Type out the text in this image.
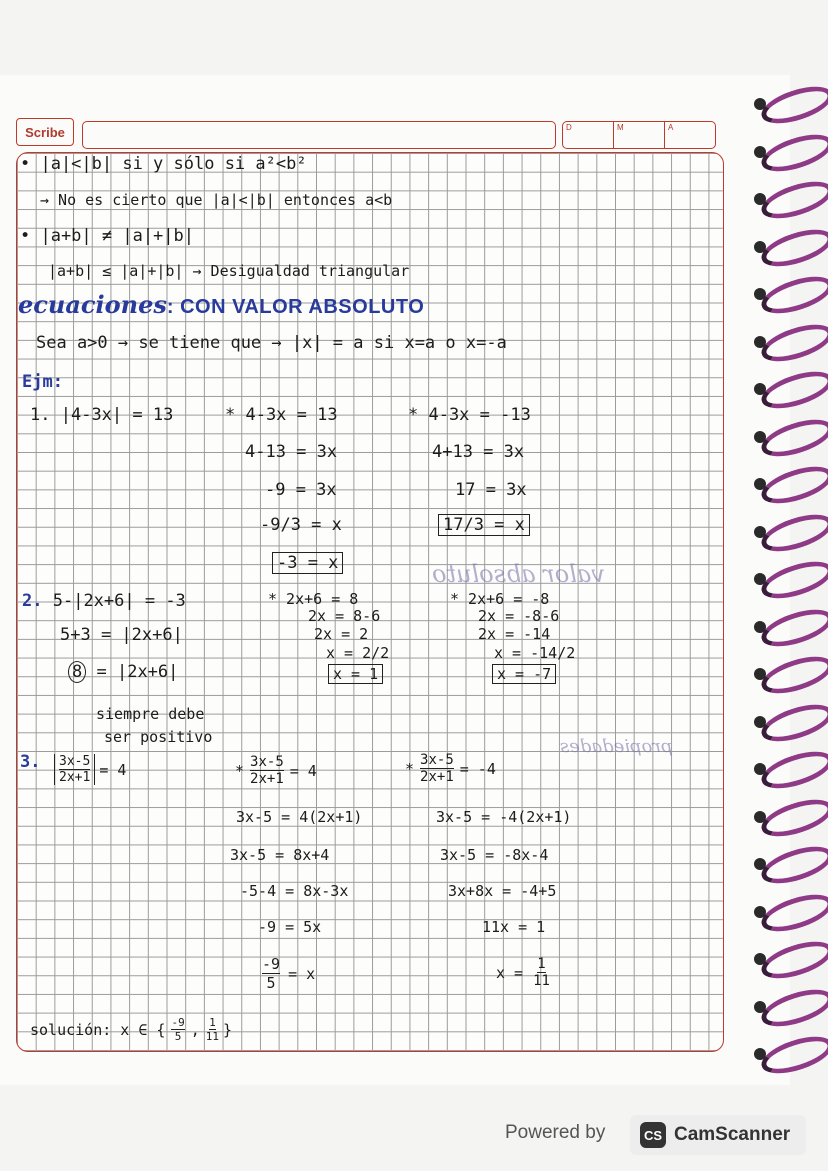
Scribe	D	M	A
• |a|<|b| si y sólo si a²<b²
→ No es cierto que |a|<|b| entonces a<b
• |a+b| ≠ |a|+|b|
|a+b| ≤ |a|+|b| → Desigualdad triangular
ecuaciones: CON VALOR ABSOLUTO
Sea a>0 → se tiene que → |x| = a si x=a o x=-a
Ejm:
1. |4-3x| = 13	* 4-3x = 13
4-13 = 3x
-9 = 3x
-9/3 = x
-3 = x
* 4-3x = -13
4+13 = 3x
17 = 3x
17/3 = x
2. 5-|2x+6| = -3
5+3 = |2x+6|
8 = |2x+6|
siempre debe
ser positivo
* 2x+6 = 8
2x = 8-6
2x = 2
x = 2/2
x = 1
* 2x+6 = -8
2x = -8-6
2x = -14
x = -14/2
x = -7
valor absoluto
3. $\frac{3x-5}{2x+1} = 4$	* $\frac{3x-5}{2x+1} = 4$	* $\frac{3x-5}{2x+1} = -4$
propiedades
3x-5 = 4(2x+1)
3x-5 = 8x+4
-5-4 = 8x-3x
-9 = 5x
$\frac{-9}{5} = x$
3x-5 = -4(2x+1)
3x-5 = -8x-4
3x+8x = -4+5
11x = 1
$x = \frac{1}{11}$
solución: x ∈ { $\frac{-9}{5}$ , $\frac{1}{11}$ }
Powered by	CS CamScanner
